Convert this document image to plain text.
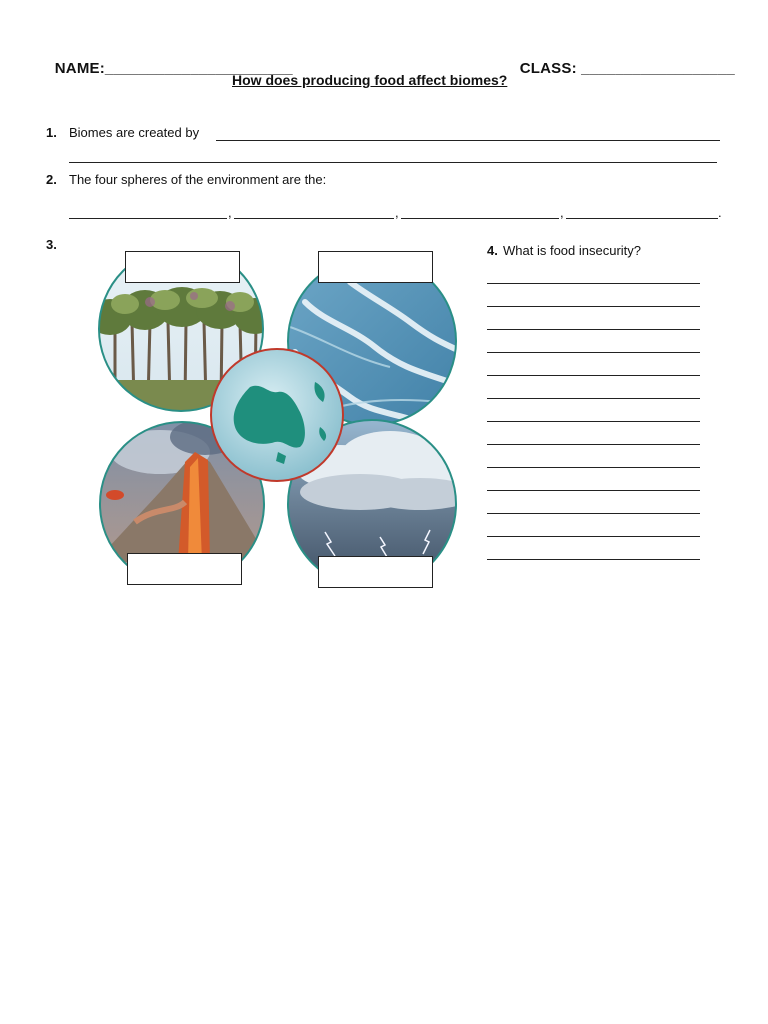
NAME:______________________	CLASS: __________________

How does producing food affect biomes?
1. Biomes are created by
2. The four spheres of the environment are the:
,	,	,	.
3.	4. What is food insecurity?
